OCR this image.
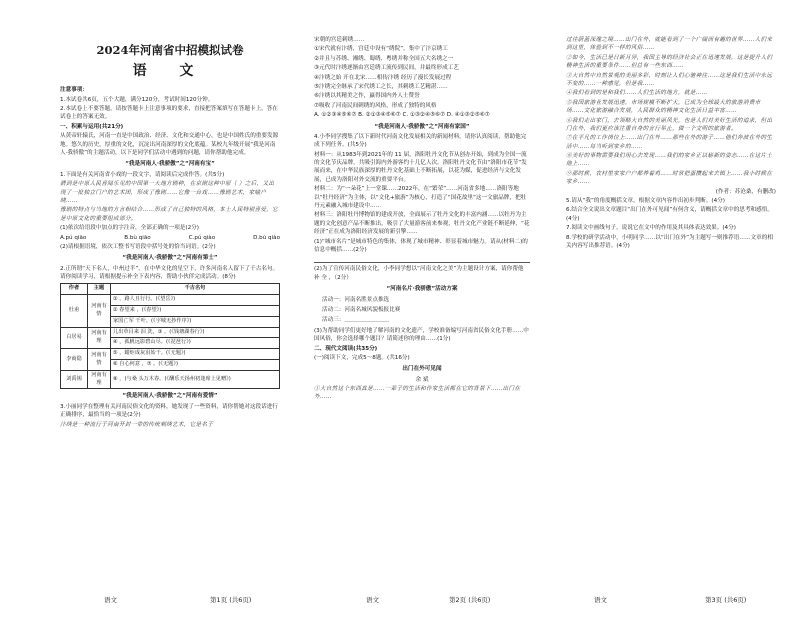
2024年河南省中招模拟试卷
语 文
注意事项：
1.本试卷共6页，五个大题，满分120分，考试时间120分钟。
2.本试卷上不要答题，请按答题卡上注意事项的要求，直接把答案填写在答题卡上，答在试卷上的答案无效。
一、积累与运用(共21分)
从黄帝轩辕氏，河南一直是中国政治、经济、文化和交通中心，也是中国姓氏的重要发源地。悠久的历史，厚重的文化，沉淀出河南深厚的文化底蕴。某校九年级开展“我是河南人·我骄傲”的主题活动，以下是同学们活动中遇到的问题，请你帮助他完成。
“我是河南人·我骄傲”之“河南有宝”
1.下面是有关河南省小戏的一段文字，请阅读后完成作答。(共5分)
猜到是中原人民喜闻乐见的中国第一大地方剧种，在京剧这种中原（ ）之后，又出现了一批独立门户的艺术团，形成了豫剧……它像一台戏……豫剧艺术，家喻户晓……
豫剧的特点与当地的方言相结合……形成了自己独特的风格，本土人民特别喜爱，它是中原文化的重要组成部分。
(1)依次给语段中加点的字注音，全部正确的一项是(2分)
A.pú qiāo	B.bù qiāo	C.pú qiào	D.bù qiào
(2)请根据语境，依次工整书写语段中括号处的恰当词语。(2分)
“我是河南人·我骄傲”之“河南有第士”
2.正所谓“天下名人，中州过半”，在中华文化的星空下，许多河南名人留下了千古名句。请你阅读学习，请根据提示补全下表内容，帮助小伙伴完成活动。(8分)
作者	主题	千古名句
杜甫	河南有情	① ，路人且行行。(《望岳》)
		② 春望来 ，(《春望》)
		家国亡军 千叶。(《宇城无抄作序》)
白居易	河南有理	儿出草目来 泪 洗，③ 。(《钱塘湖春行》)
		④ ，孤帆远影碧山尽。(《琵琶行》)
李商隐	河南有情	⑤ ，蜡炬成灰泪始干。(《无题》)
		⑥ 自心何意 ，⑦ 。(《无题》)
刘禹锡	河南有理	⑧ ，(与桑 头万木春。(《酬乐天扬州初逢席上见赠》)
“我是河南人·我骄傲”之“河南有爱情”
3.小丽同学在整理有关河南民俗文化的资料，她发现了一些资料，请你帮她对这段话进行正确排序，最恰当的一项是(2分)
汴绣是一种流行于河南开封一带的传统刺绣艺术，它是名于
宋朝的宫廷刺绣……
①宋代就有汴绣，宫廷中设有“绣院”，集中了汴京绣工
②并且与苏绣、湘绣、蜀绣、粤绣并称全国五大名绣之一
③元代时汴绣逐渐由宫廷绣工流传到民间，并最终形成工艺
④汴绣之始 开在北宋……相传汴绣 经历了漫长发展过程
⑤汴绣完全继承了宋代绣工之长，其刺绣工艺精湛……
⑥汴绣以其精美之作，赢得国内外人士赞誉
⑦吸收了河南民间刺绣的风格，形成了独特的风格
A. ①②③④⑤⑥⑦ B. ②①③④⑤⑥⑦ C. ①③②④⑤⑥⑦ D. ④①③②⑤⑥⑦
“我是河南人·我骄傲”之“河南有家国”
4.小李同学搜集了以下新时代河南文化发展相关的新闻材料，请你认真阅读，帮助他完成下列任务。(共5分)
材料一：从1983年到2021年的 11 届，洛阳牡丹文化节从创办开始，到成为全国一流的文化节庆品牌，共吸引海内外游客约十几亿人次。洛阳牡丹文化节由“洛阳市花节”发展而来，在中华民族深厚的牡丹文化基础上不断拓展，以花为媒，促进经济与文化发展，已成为洛阳对外交流的重要平台。
材料二：为“一朵花”上一堂课……2022年，在“繁荣”……河南省多地……洛阳等地以“牡丹经济”为主体，以“文化+旅游”为核心，打造了“国花故里”这一文旅品牌，把牡丹元素融入城市建设中……
材料三：洛阳牡丹博物馆的建成开放，全面展示了牡丹文化的丰富内涵……以牡丹为主题的文化创意产品不断推出，吸引了大量游客前来参观，牡丹文化产业链不断延伸，“花经济”正在成为洛阳经济发展的新引擎……
(1)“城市名片”是城市特色的集体，体现了城市精神、彰显着城市魅力。请从(材料二)的信息中概括……(2分)
(2)为了宣传河南民俗文化，小李同学想以“河南文化之美”为主题设计方案，请你帮他 补 全 ，（2分）
“河南名片·我骄傲”活动方案
活动一：河南名胜景点推选
活动二：河南名城风貌板报比赛
活动三：＿＿＿＿＿＿＿＿
(3)为帮助同学们更好地了解河南的文化遗产，学校准备编写河南省民俗文化手册……中国风俗，你会选择哪个题目？请简述你的理由……(1分)
二、现代文阅读(共35分)
(一)阅读下文，完成5～8题。(共16分)
出门在外可见闻
余 斌
①大自然这个东西真是……一辈子的生活和作家生活都在它的背景下……出门在外……
过往蔚蓝深邃之境……出门在外，就能看到了一个广阔而有趣的世界……人们来到这里，体验到不一样的风俗……
②如今，生活已是日新月异，我国主导的经济社会正在迅速发展，这是提升人们精神生活的重要条件……但总有一些东西……
③大自然中自然景观的美丽多彩，时刻让人们心驰神往……这是我们生活中永远不变的……一种感觉，但是我……
④我们看到的是和我们……人们生活的地方，就是……
⑤我国旅游业发展迅速，市场规模不断扩大，已成为全球最大的旅游消费市场……文化旅游融合发展，人民群众的精神文化生活日益丰富……
⑥我们走出家门，去领略大自然的美丽风光，也是人们对美好生活的追求，但出门在外，我们更应该注重自身的言行举止，做一个文明的旅游者。
⑦在平凡的工作岗位上……出门在外……那些在外的游子……他们奔波在外的生活中……每当听到家乡的……
⑧美好的事物需要我们用心去发现……我们的家乡正以崭新的姿态……在这片土地上……
⑨那时候，农村里家家户户都养着鸡……时常把蛋攒起来去镇上……我小时候在家乡……
(作者：苏沧桑，有删改)
5.请从“我”的角度概括文章，根据文章内容作出初步判断。(4分)
6.结合全文说出文章题目“出门在外可见闻”有何含义，请概括文章中的思考和感悟。(4分)
7.阅读文中画线句子，说说它在文中的作用及其具体表达效果。(4分)
8.学校的研学活动中，小明同学……以“出门在外”为主题写一则推荐语……文章的相关内容写出推荐语。(4分)
语文	第1页 (共6页)	语文	第2页 (共6页)	语文	第3页 (共6页)
